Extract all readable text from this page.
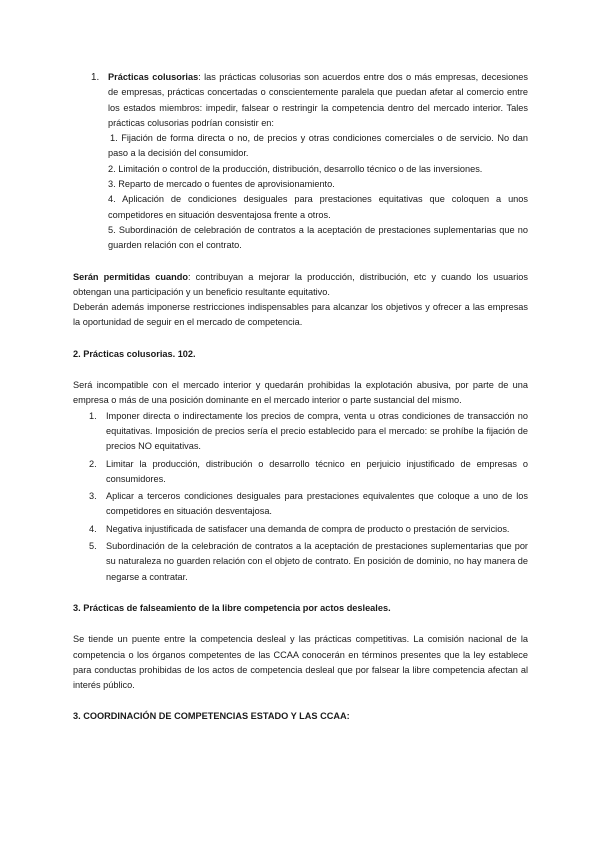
1. Prácticas colusorias: las prácticas colusorias son acuerdos entre dos o más empresas, decesiones de empresas, prácticas concertadas o conscientemente paralela que puedan afetar al comercio entre los estados miembros: impedir, falsear o restringir la competencia dentro del mercado interior. Tales prácticas colusorias podrían consistir en:

1. Fijación de forma directa o no, de precios y otras condiciones comerciales o de servicio. No dan paso a la decisión del consumidor.
2. Limitación o control de la producción, distribución, desarrollo técnico o de las inversiones.
3. Reparto de mercado o fuentes de aprovisionamiento.
4. Aplicación de condiciones desiguales para prestaciones equitativas que coloquen a unos competidores en situación desventajosa frente a otros.
5. Subordinación de celebración de contratos a la aceptación de prestaciones suplementarias que no guarden relación con el contrato.

Serán permitidas cuando: contribuyan a mejorar la producción, distribución, etc y cuando los usuarios obtengan una participación y un beneficio resultante equitativo.

Deberán además imponerse restricciones indispensables para alcanzar los objetivos y ofrecer a las empresas la oportunidad de seguir en el mercado de competencia.

2. Prácticas colusorias. 102.

Será incompatible con el mercado interior y quedarán prohibidas la explotación abusiva, por parte de una empresa o más de una posición dominante en el mercado interior o parte sustancial del mismo.

1.	Imponer directa o indirectamente los precios de compra, venta u otras condiciones de transacción no equitativas. Imposición de precios sería el precio establecido para el mercado: se prohíbe la fijación de precios NO equitativas.
2.	Limitar la producción, distribución o desarrollo técnico en perjuicio injustificado de empresas o consumidores.
3.	Aplicar a terceros condiciones desiguales para prestaciones equivalentes que coloque a uno de los competidores en situación desventajosa.
4.	Negativa injustificada de satisfacer una demanda de compra de producto o prestación de servicios.
5.	Subordinación de la celebración de contratos a la aceptación de prestaciones suplementarias que por su naturaleza no guarden relación con el objeto de contrato. En posición de dominio, no hay manera de negarse a contratar.

3. Prácticas de falseamiento de la libre competencia por actos desleales.

Se tiende un puente entre la competencia desleal y las prácticas competitivas. La comisión nacional de la competencia o los órganos competentes de las CCAA conocerán en términos presentes que la ley establece para conductas prohibidas de los actos de competencia desleal que por falsear la libre competencia afectan al interés público.

3. COORDINACIÓN DE COMPETENCIAS ESTADO Y LAS CCAA:
